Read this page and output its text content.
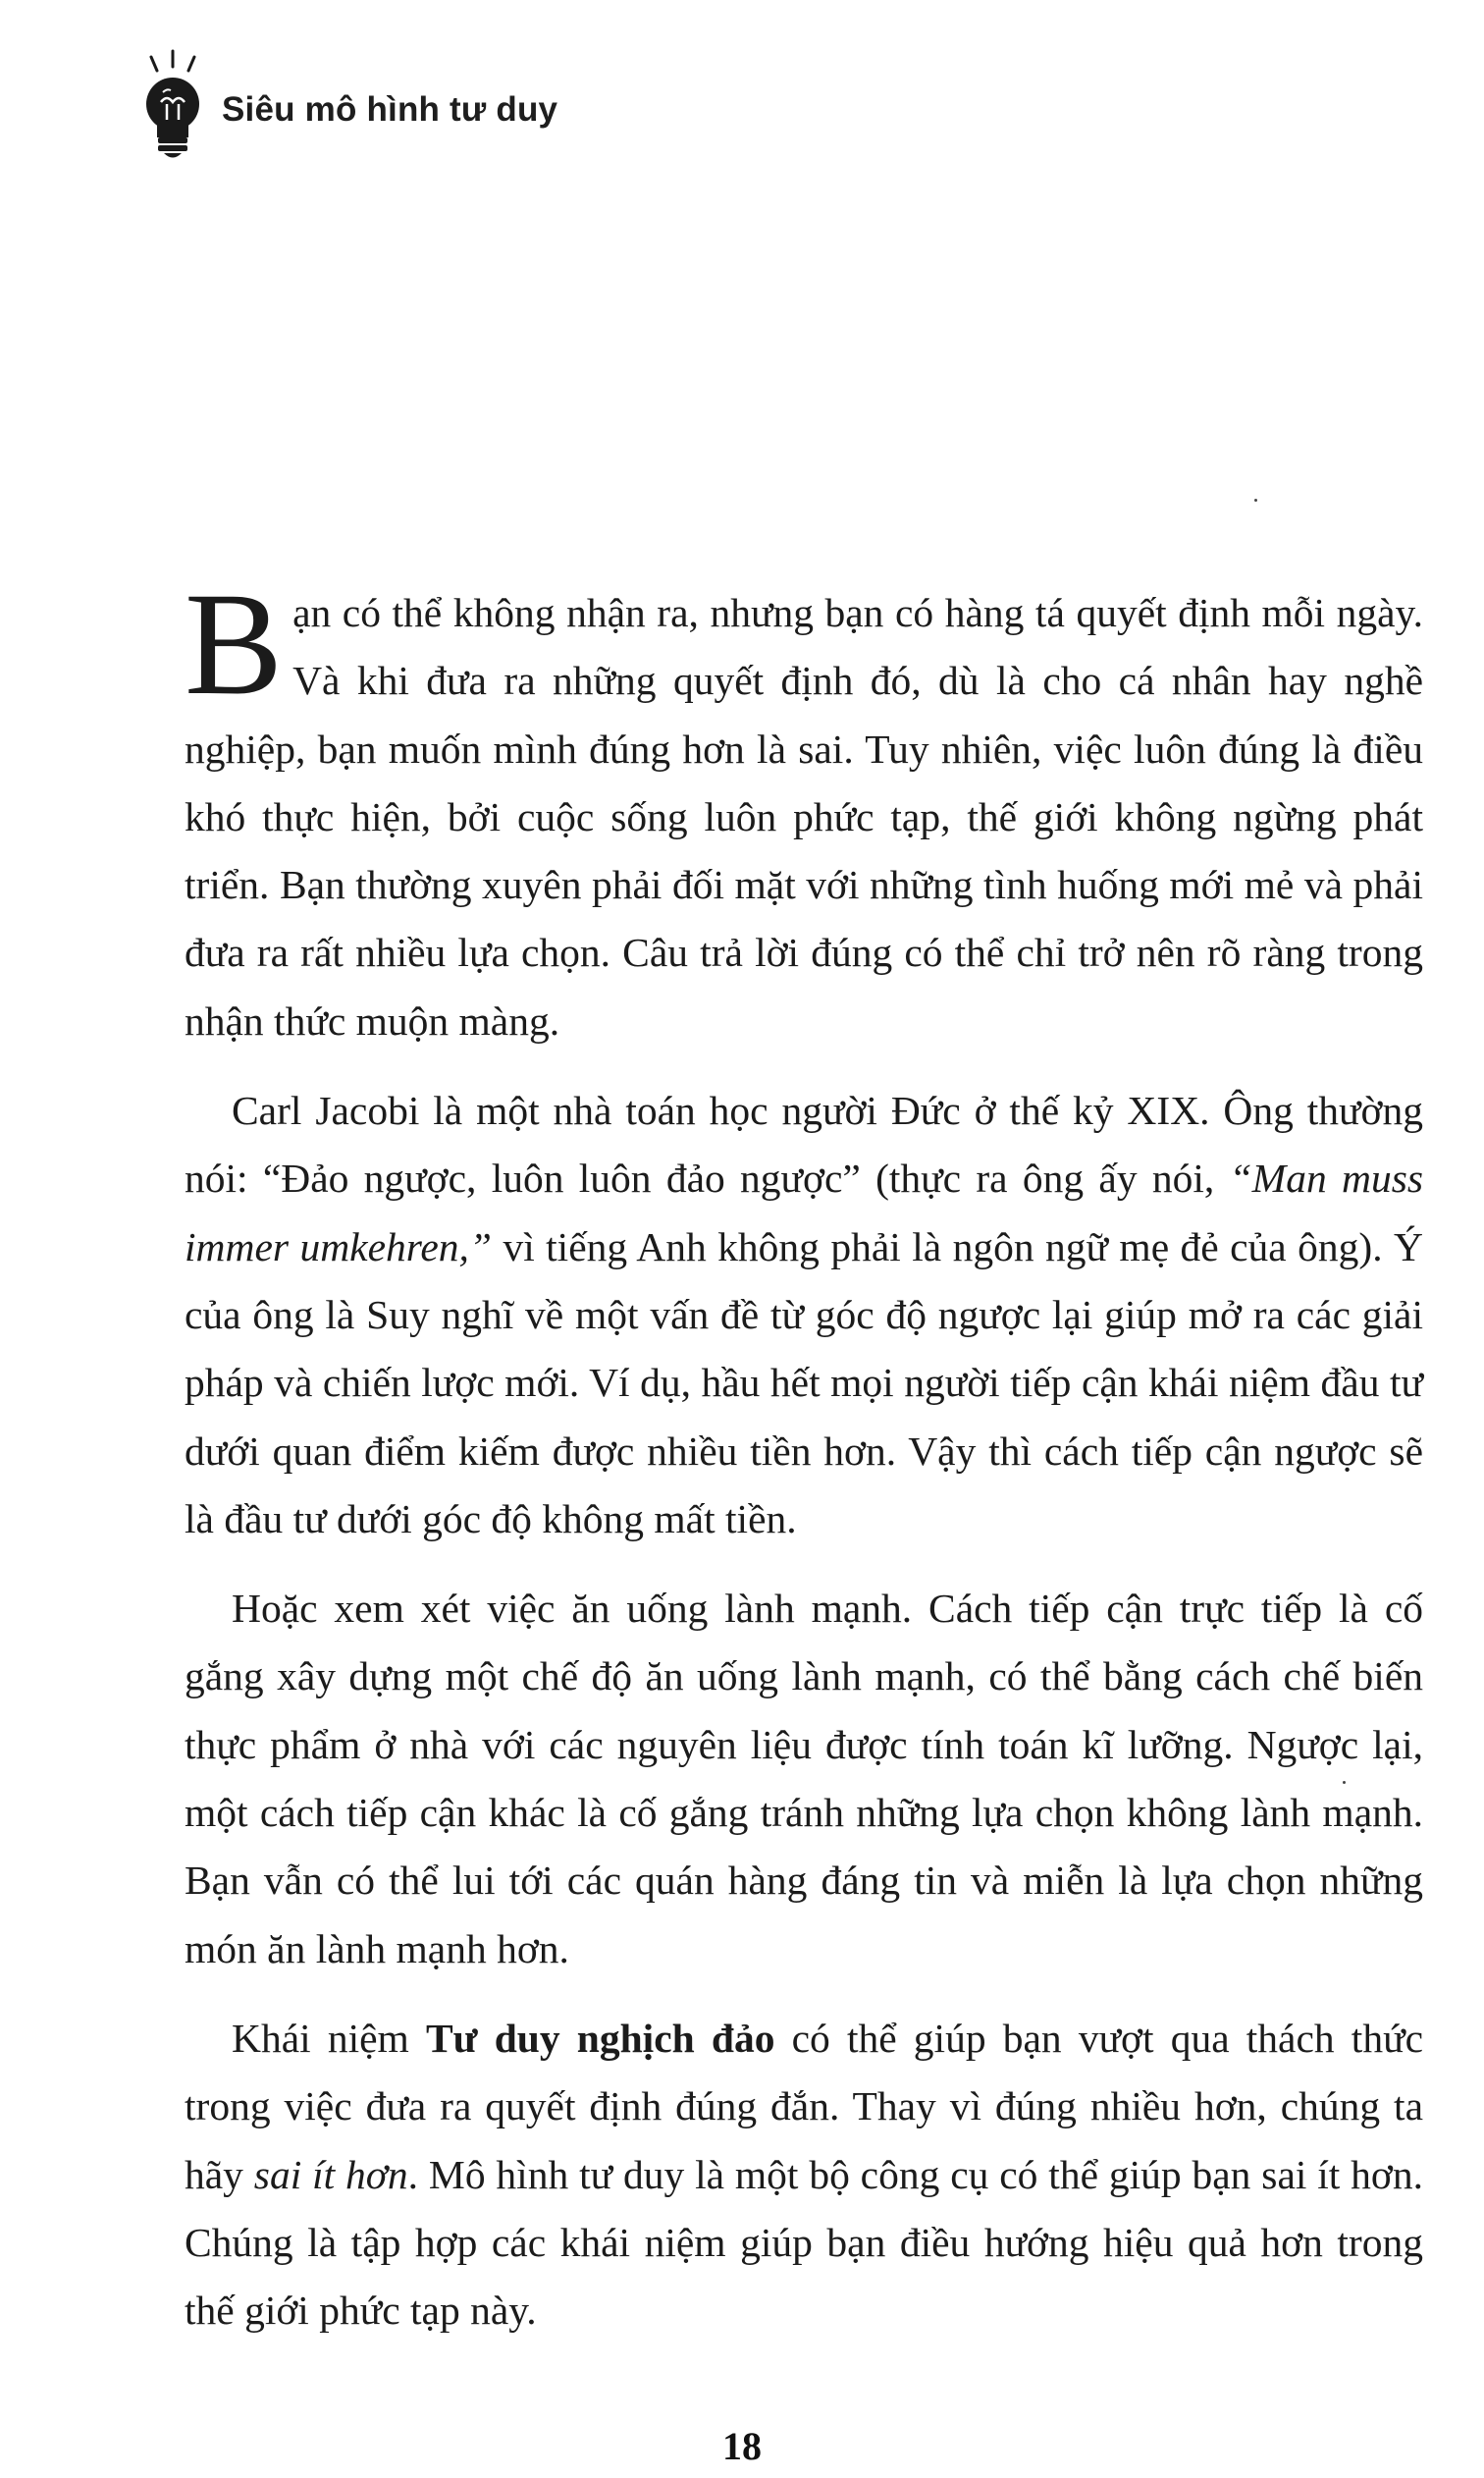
Siêu mô hình tư duy

Bạn có thể không nhận ra, nhưng bạn có hàng tá quyết định mỗi ngày. Và khi đưa ra những quyết định đó, dù là cho cá nhân hay nghề nghiệp, bạn muốn mình đúng hơn là sai. Tuy nhiên, việc luôn đúng là điều khó thực hiện, bởi cuộc sống luôn phức tạp, thế giới không ngừng phát triển. Bạn thường xuyên phải đối mặt với những tình huống mới mẻ và phải đưa ra rất nhiều lựa chọn. Câu trả lời đúng có thể chỉ trở nên rõ ràng trong nhận thức muộn màng.

Carl Jacobi là một nhà toán học người Đức ở thế kỷ XIX. Ông thường nói: “Đảo ngược, luôn luôn đảo ngược” (thực ra ông ấy nói, “Man muss immer umkehren,” vì tiếng Anh không phải là ngôn ngữ mẹ đẻ của ông). Ý của ông là Suy nghĩ về một vấn đề từ góc độ ngược lại giúp mở ra các giải pháp và chiến lược mới. Ví dụ, hầu hết mọi người tiếp cận khái niệm đầu tư dưới quan điểm kiếm được nhiều tiền hơn. Vậy thì cách tiếp cận ngược sẽ là đầu tư dưới góc độ không mất tiền.

Hoặc xem xét việc ăn uống lành mạnh. Cách tiếp cận trực tiếp là cố gắng xây dựng một chế độ ăn uống lành mạnh, có thể bằng cách chế biến thực phẩm ở nhà với các nguyên liệu được tính toán kĩ lưỡng. Ngược lại, một cách tiếp cận khác là cố gắng tránh những lựa chọn không lành mạnh. Bạn vẫn có thể lui tới các quán hàng đáng tin và miễn là lựa chọn những món ăn lành mạnh hơn.

Khái niệm Tư duy nghịch đảo có thể giúp bạn vượt qua thách thức trong việc đưa ra quyết định đúng đắn. Thay vì đúng nhiều hơn, chúng ta hãy sai ít hơn. Mô hình tư duy là một bộ công cụ có thể giúp bạn sai ít hơn. Chúng là tập hợp các khái niệm giúp bạn điều hướng hiệu quả hơn trong thế giới phức tạp này.

18
